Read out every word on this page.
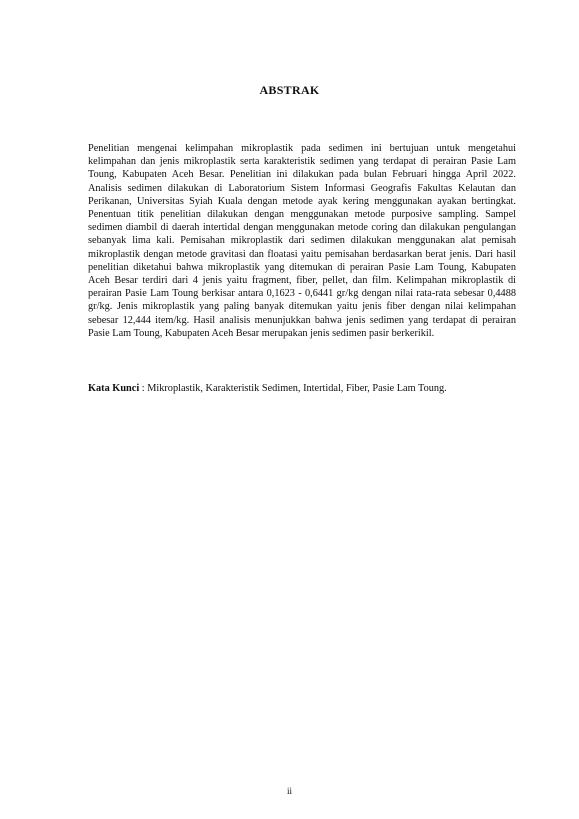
ABSTRAK

Penelitian mengenai kelimpahan mikroplastik pada sedimen ini bertujuan untuk mengetahui kelimpahan dan jenis mikroplastik serta karakteristik sedimen yang terdapat di perairan Pasie Lam Toung, Kabupaten Aceh Besar. Penelitian ini dilakukan pada bulan Februari hingga April 2022. Analisis sedimen dilakukan di Laboratorium Sistem Informasi Geografis Fakultas Kelautan dan Perikanan, Universitas Syiah Kuala dengan metode ayak kering menggunakan ayakan bertingkat. Penentuan titik penelitian dilakukan dengan menggunakan metode purposive sampling. Sampel sedimen diambil di daerah intertidal dengan menggunakan metode coring dan dilakukan pengulangan sebanyak lima kali. Pemisahan mikroplastik dari sedimen dilakukan menggunakan alat pemisah mikroplastik dengan metode gravitasi dan floatasi yaitu pemisahan berdasarkan berat jenis. Dari hasil penelitian diketahui bahwa mikroplastik yang ditemukan di perairan Pasie Lam Toung, Kabupaten Aceh Besar terdiri dari 4 jenis yaitu fragment, fiber, pellet, dan film. Kelimpahan mikroplastik di perairan Pasie Lam Toung berkisar antara 0,1623 - 0,6441 gr/kg dengan nilai rata-rata sebesar 0,4488 gr/kg. Jenis mikroplastik yang paling banyak ditemukan yaitu jenis fiber dengan nilai kelimpahan sebesar 12,444 item/kg. Hasil analisis menunjukkan bahwa jenis sedimen yang terdapat di perairan Pasie Lam Toung, Kabupaten Aceh Besar merupakan jenis sedimen pasir berkerikil.

Kata Kunci : Mikroplastik, Karakteristik Sedimen, Intertidal, Fiber, Pasie Lam Toung.

ii
